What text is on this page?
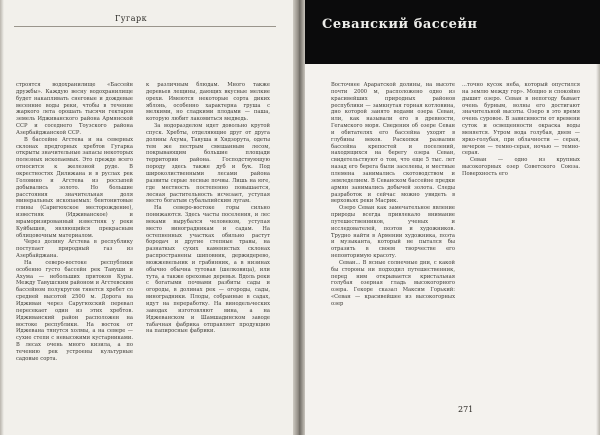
Гугарк

строятся водохранилище «Бассейн дружбы». Каждую весну водохранилище будет накапливать снеговые и дождевые весенние воды реки, чтобы в течение жаркого лета орошать тысячи гектаров земель Идживанского района Армянской ССР и соседнего Тоузского района Азербайджанской ССР.

В бассейне Агстева и на северных склонах предгорных хребтов Гугарка открыты значительные запасы некоторых полезных ископаемых. Это прежде всего относится к железной руде. В окрестностях Дилижана и в руслах рек Головино и Агстева из россыпей добывались золото. Но большие расстояния значительная доля минеральных ископаемых: бентонитовые глины (Саригюхское месторождение), известняк (Идживанское) и мраморизированный известняк у реки Куйбышев, являющийся прекрасным облицовочным материалом.

Через долину Агстева в республику поступает природный газ из Азербайджана.

На северо-востоке республики особенно густо бассейн рек Тавуши и Ахума — небольших притоков Куры. Между Тавушским районом и Агстевским бассейном полукругом тянется хребет со средней высотой 2500 м. Дорога на Идживан через Саругюхский перевал пересекает один из этих хребтов. Идживанский район расположен на востоке республики. На восток от Иджевана тянутся холмы, а на севере — сухие степи с невысокими кустарниками. В лесах очень много кизила, а по течению рек устроены культурные садовые сорта.

к различным блюдам. Много также деревьев лещины, дающих вкусные мелкие орехи. Имеются некоторые сорта диких яблонь, особенно характерна груша с мелкими, но сладкими плодами — паша, которую любит лакомиться медведь.

За водоразделом идет довольно крутой спуск. Хребты, отделяющие друг от друга долины Ахума, Тавуша и Хндзорута, одеты тем же пестрым смешанным лесом, покрывающим большие площади территории района. Господствующую породу здесь также дуб и бук. Под широколиственными лесами района развиты серые лесные почвы. Лишь на юге, где местность постепенно повышается, лесная растительность исчезает, уступая место богатым субальпийским лугам.

На северо-востоке горы сильно понижаются. Здесь часты поселения, и лес веками вырубался человеком, уступая место виноградникам и садам. На остепненных участках обильно растут бородач и другие степные травы, на разнаткых сухих каменистых склонах распространены шиповник, держидерево, можжевельник и грабинник, а в низинах обычно обычна тутовая (шелковица), или тута, а также ореховые деревья. Вдоль реки с богатыми почвами разбиты сады и огороды, в долинах рек — огороды, сады, виноградники. Плоды, собранные в садах, идут на переработку. На винодельческих заводах изготовляют вина, а на Иджеванском и Шамшадинском заводе табачная фабрика отправляет продукцию на папиросные фабрики.

Севанский бассейн

Восточнее Араратской долины, на высоте почти 2000 м, расположено одно из красивейших природных районов республики — замкнутая горная котловина, дно которой занято водами озера Севан, или, как называли его в древности, Гегамского моря. Сведения об озере Севан и обитателях его бассейна уходят в глубины веков. Раскопки развалин бассейна крепостей и поселений, находящихся на берегу озера Севан, свидетельствуют о том, что еще 5 тыс. лет назад его берега были заселены, и местные племена занимались скотоводством и земледелием. В Севанском бассейне предки армян занимались добычей золота. Следы разработок и сейчас можно увидеть в верховьях реки Масрик.

Озеро Севан как замечательное явление природы всегда привлекало внимание путешественников, ученых и исследователей, поэтов и художников. Трудно найти в Армении художника, поэта и музыканта, который не пытался бы отразить в своем творчестве его неповторимую красоту.

Севан... В ясные солнечные дни, с какой бы стороны ни подходил путешественник, перед ним открывается кристальная голубая озерная гладь высокогорного озера. Гекоре сказал Максим Горький: «Севан — красивейшее из высокогорных озер

...точно кусок неба, который опустился на землю между гор». Мощно и спокойно дышит озеро. Севан в непогоду бывает очень бурным, волны его достигают значительной высоты. Озеро в это время очень суровое. В зависимости от времени суток и освещенности окраска воды меняется. Утром вода голубая, днем — ярко-голубая, при облачности — серая, вечером — темно-серая, ночью — темно-серая.

Севан — одно из крупных высокогорных озер Советского Союза. Поверхность его

271
